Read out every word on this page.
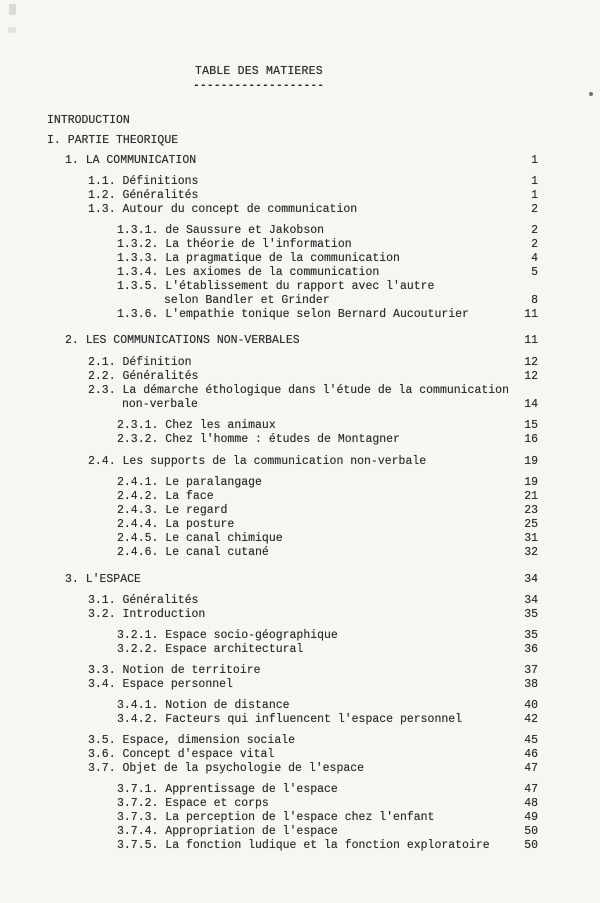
TABLE DES MATIERES
-------------------

INTRODUCTION

I. PARTIE THEORIQUE

1. LA COMMUNICATION

	1

1.1. Définitions

	1

1.2. Généralités

	1

1.3. Autour du concept de communication

	2

1.3.1. de Saussure et Jakobson

	2

1.3.2. La théorie de l'information

	2

1.3.3. La pragmatique de la communication

	4

1.3.4. Les axiomes de la communication

	5

1.3.5. L'établissement du rapport avec l'autre

selon Bandler et Grinder

	8

1.3.6. L'empathie tonique selon Bernard Aucouturier

	11

2. LES COMMUNICATIONS NON-VERBALES

	11

2.1. Définition

	12

2.2. Généralités

	12

2.3. La démarche éthologique dans l'étude de la communication

non-verbale

	14

2.3.1. Chez les animaux

	15

2.3.2. Chez l'homme : études de Montagner

	16

2.4. Les supports de la communication non-verbale

	19

2.4.1. Le paralangage

	19

2.4.2. La face

	21

2.4.3. Le regard

	23

2.4.4. La posture

	25

2.4.5. Le canal chimique

	31

2.4.6. Le canal cutané

	32

3. L'ESPACE

	34

3.1. Généralités

	34

3.2. Introduction

	35

3.2.1. Espace socio-géographique

	35

3.2.2. Espace architectural

	36

3.3. Notion de territoire

	37

3.4. Espace personnel

	38

3.4.1. Notion de distance

	40

3.4.2. Facteurs qui influencent l'espace personnel

	42

3.5. Espace, dimension sociale

	45

3.6. Concept d'espace vital

	46

3.7. Objet de la psychologie de l'espace

	47

3.7.1. Apprentissage de l'espace

	47

3.7.2. Espace et corps

	48

3.7.3. La perception de l'espace chez l'enfant

	49

3.7.4. Appropriation de l'espace

	50

3.7.5. La fonction ludique et la fonction exploratoire

	50
